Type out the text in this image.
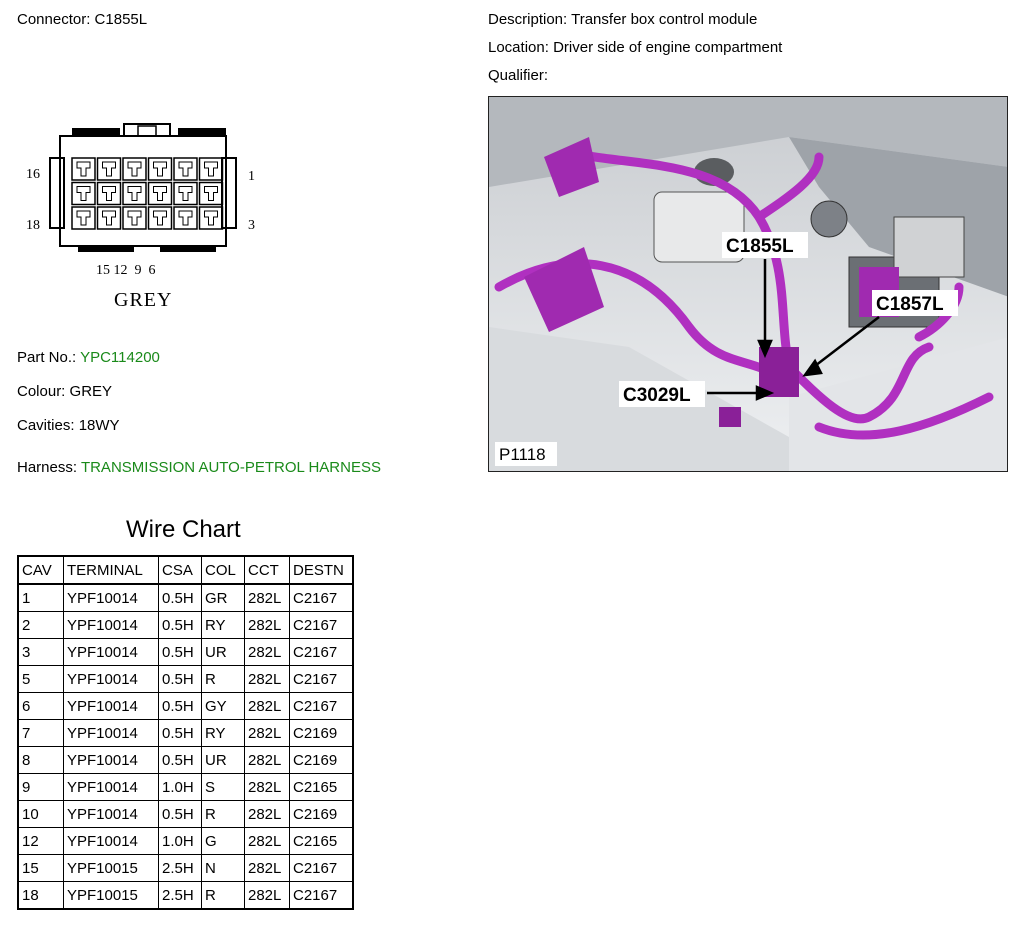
Connector: C1855L	Description: Transfer box control module
Location: Driver side of engine compartment
Qualifier:
16	1
18	3
15 12  9  6
GREY
Part No.: YPC114200
Colour: GREY
Cavities: 18WY
Harness: TRANSMISSION AUTO-PETROL HARNESS
Wire Chart
CAV	TERMINAL	CSA	COL	CCT	DESTN
1	YPF10014	0.5H	GR	282L	C2167
2	YPF10014	0.5H	RY	282L	C2167
3	YPF10014	0.5H	UR	282L	C2167
5	YPF10014	0.5H	R	282L	C2167
6	YPF10014	0.5H	GY	282L	C2167
7	YPF10014	0.5H	RY	282L	C2169
8	YPF10014	0.5H	UR	282L	C2169
9	YPF10014	1.0H	S	282L	C2165
10	YPF10014	0.5H	R	282L	C2169
12	YPF10014	1.0H	G	282L	C2165
15	YPF10015	2.5H	N	282L	C2167
18	YPF10015	2.5H	R	282L	C2167
C1855L
C1857L
C3029L
P1118
